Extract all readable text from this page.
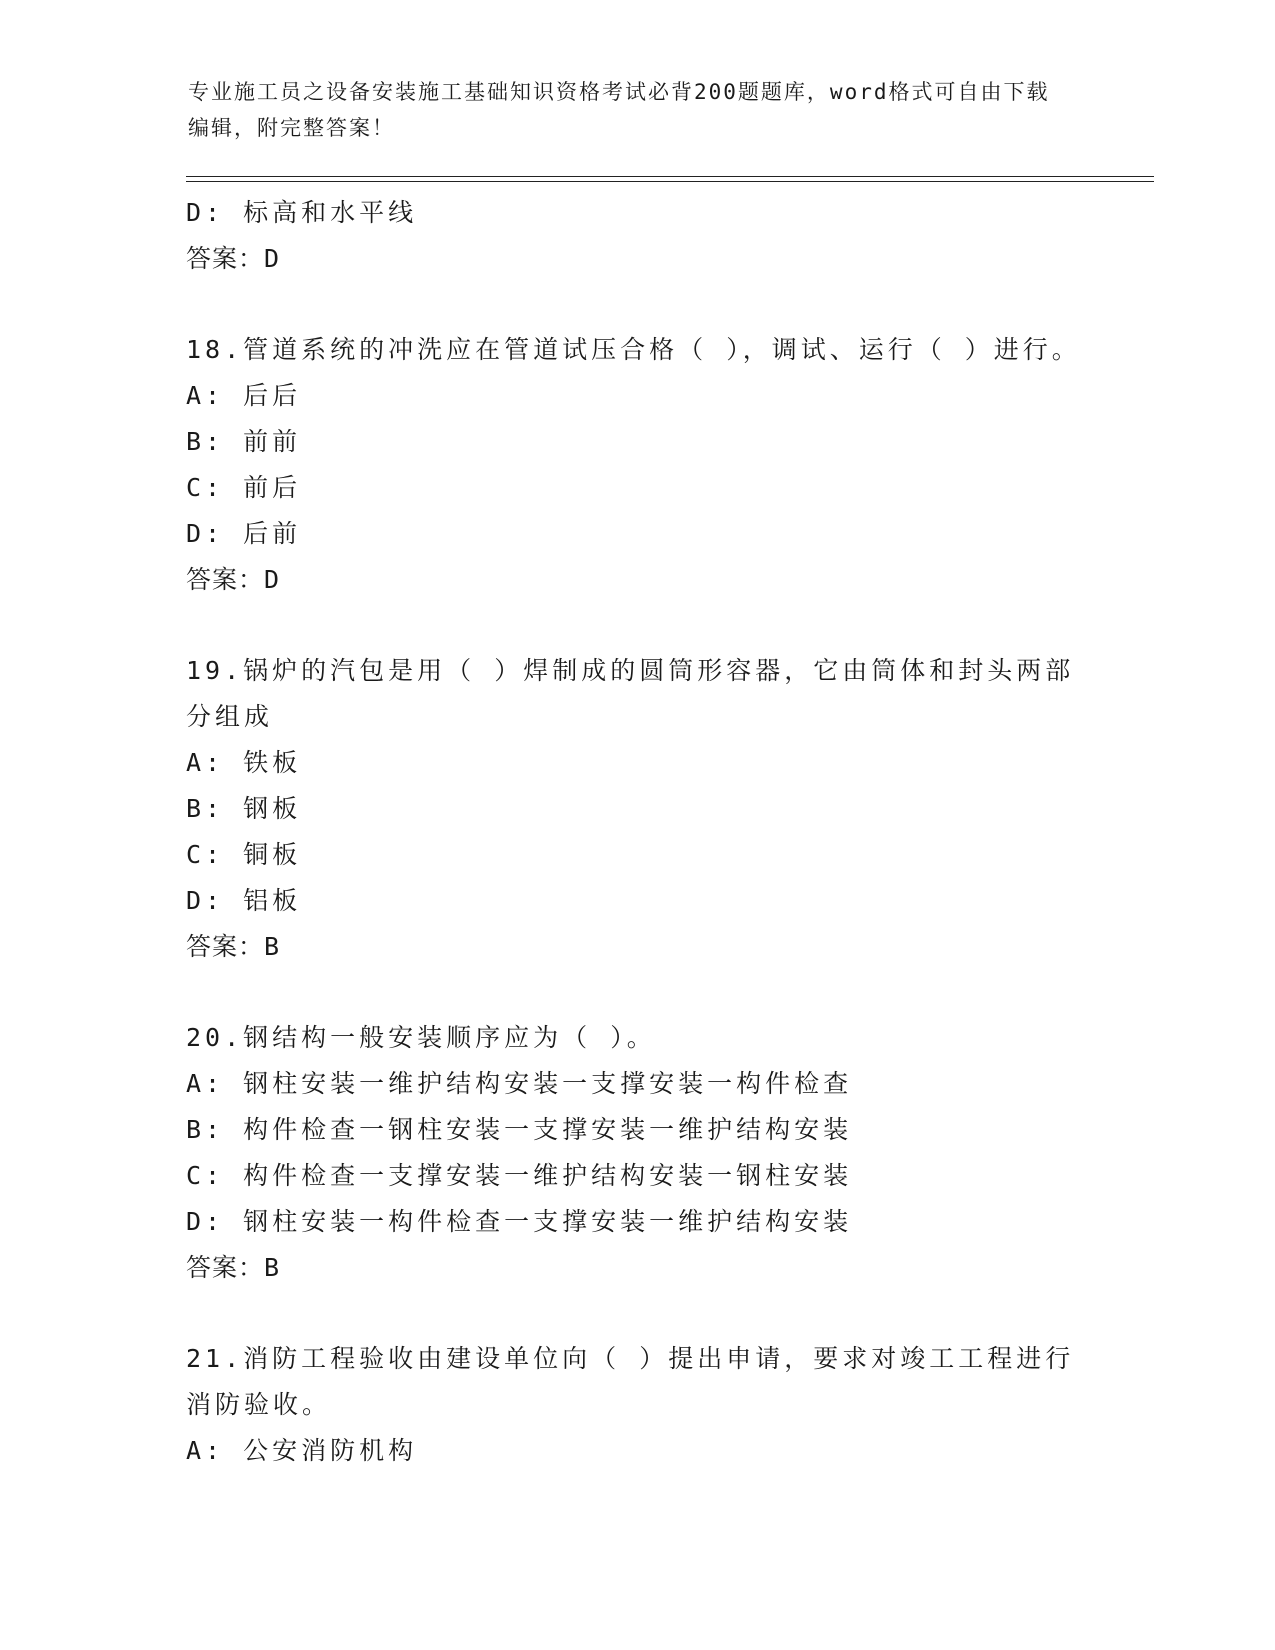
专业施工员之设备安装施工基础知识资格考试必背200题题库，word格式可自由下载编辑，附完整答案！
D: 标高和水平线
答案：D
18.管道系统的冲洗应在管道试压合格（ ），调试、运行（ ）进行。
A: 后后
B: 前前
C: 前后
D: 后前
答案：D
19.锅炉的汽包是用（ ）焊制成的圆筒形容器，它由筒体和封头两部
分组成
A: 铁板
B: 钢板
C: 铜板
D: 铝板
答案：B
20.钢结构一般安装顺序应为（ ）。
A: 钢柱安装一维护结构安装一支撑安装一构件检查
B: 构件检查一钢柱安装一支撑安装一维护结构安装
C: 构件检查一支撑安装一维护结构安装一钢柱安装
D: 钢柱安装一构件检查一支撑安装一维护结构安装
答案：B
21.消防工程验收由建设单位向（ ）提出申请，要求对竣工工程进行
消防验收。
A: 公安消防机构
